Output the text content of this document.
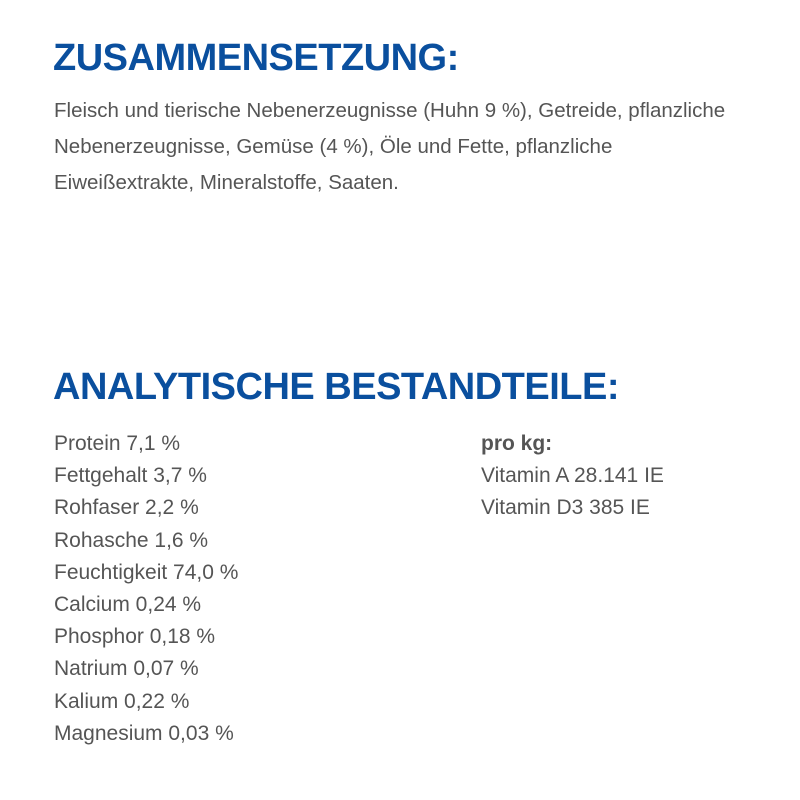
ZUSAMMENSETZUNG:

Fleisch und tierische Nebenerzeugnisse (Huhn 9 %), Getreide, pflanzliche Nebenerzeugnisse, Gemüse (4 %), Öle und Fette, pflanzliche Eiweißextrakte, Mineralstoffe, Saaten.

ANALYTISCHE BESTANDTEILE:
Protein 7,1 %
Fettgehalt 3,7 %
Rohfaser 2,2 %
Rohasche 1,6 %
Feuchtigkeit 74,0 %
Calcium 0,24 %
Phosphor 0,18 %
Natrium 0,07 %
Kalium 0,22 %
Magnesium 0,03 %

pro kg:

Vitamin A 28.141 IE
Vitamin D3 385 IE
